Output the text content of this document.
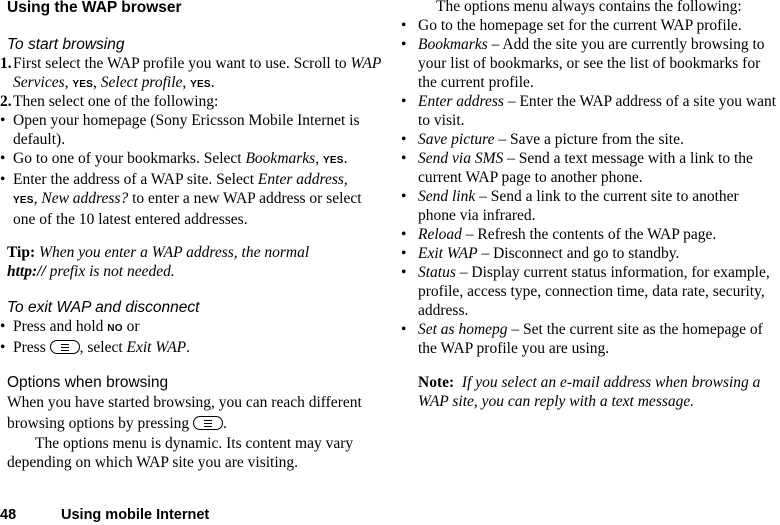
Using the WAP browser
To start browsing
1. First select the WAP profile you want to use. Scroll to WAP Services, YES, Select profile, YES.
2. Then select one of the following:
• Open your homepage (Sony Ericsson Mobile Internet is default).
• Go to one of your bookmarks. Select Bookmarks, YES.
• Enter the address of a WAP site. Select Enter address,
YES, New address? to enter a new WAP address or select one of the 10 latest entered addresses.
Tip: When you enter a WAP address, the normal
http:// prefix is not needed.
To exit WAP and disconnect
• Press and hold NO or
• Press , select Exit WAP.
Options when browsing
When you have started browsing, you can reach different browsing options by pressing .
The options menu is dynamic. Its content may vary depending on which WAP site you are visiting.
The options menu always contains the following:
• Go to the homepage set for the current WAP profile.
• Bookmarks – Add the site you are currently browsing to your list of bookmarks, or see the list of bookmarks for the current profile.
• Enter address – Enter the WAP address of a site you want to visit.
• Save picture – Save a picture from the site.
• Send via SMS – Send a text message with a link to the current WAP page to another phone.
• Send link – Send a link to the current site to another phone via infrared.
• Reload – Refresh the contents of the WAP page.
• Exit WAP – Disconnect and go to standby.
• Status – Display current status information, for example, profile, access type, connection time, data rate, security, address.
• Set as homepg – Set the current site as the homepage of the WAP profile you are using.
Note: If you select an e-mail address when browsing a WAP site, you can reply with a text message.
48	Using mobile Internet
